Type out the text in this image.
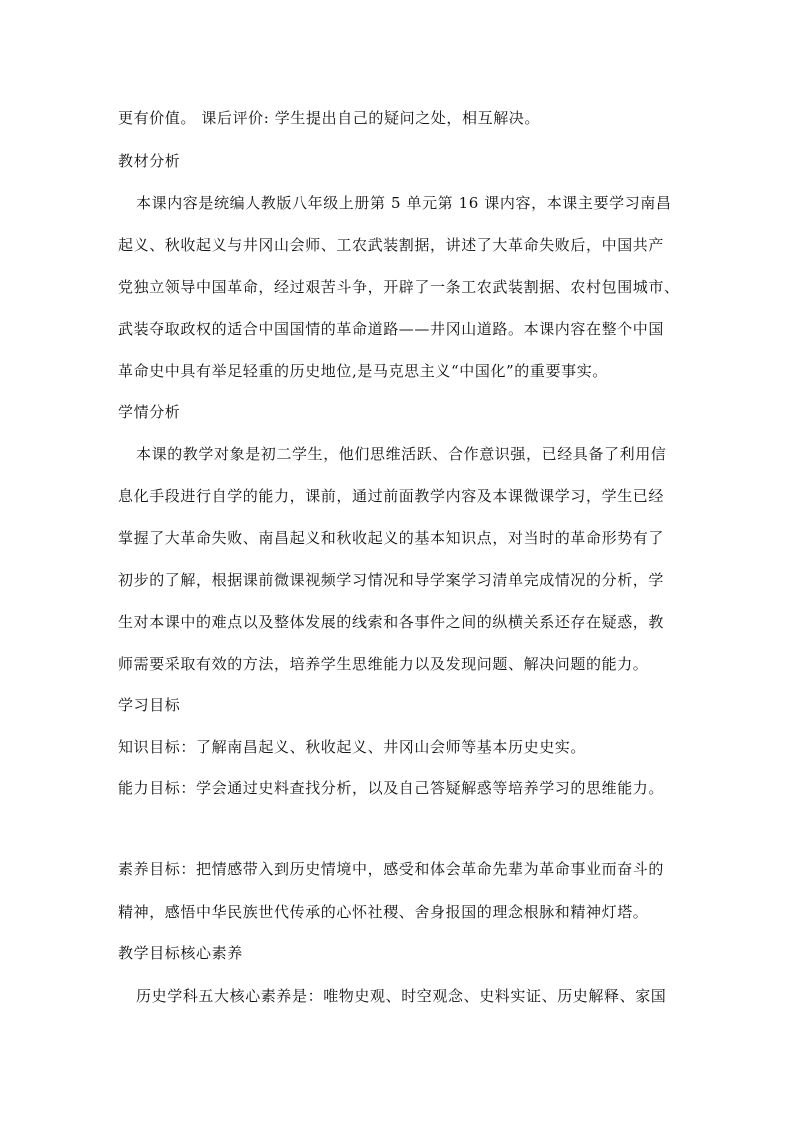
更有价值。 课后评价: 学生提出自己的疑问之处，相互解决。
教材分析
本课内容是统编人教版八年级上册第 5 单元第 16 课内容，本课主要学习南昌
起义、秋收起义与井冈山会师、工农武装割据，讲述了大革命失败后，中国共产
党独立领导中国革命，经过艰苦斗争，开辟了一条工农武装割据、农村包围城市、
武装夺取政权的适合中国国情的革命道路——井冈山道路。本课内容在整个中国
革命史中具有举足轻重的历史地位,是马克思主义“中国化”的重要事实。
学情分析
本课的教学对象是初二学生，他们思维活跃、合作意识强，已经具备了利用信
息化手段进行自学的能力，课前，通过前面教学内容及本课微课学习，学生已经
掌握了大革命失败、南昌起义和秋收起义的基本知识点，对当时的革命形势有了
初步的了解，根据课前微课视频学习情况和导学案学习清单完成情况的分析，学
生对本课中的难点以及整体发展的线索和各事件之间的纵横关系还存在疑惑，教
师需要采取有效的方法，培养学生思维能力以及发现问题、解决问题的能力。
学习目标
知识目标：了解南昌起义、秋收起义、井冈山会师等基本历史史实。
能力目标：学会通过史料查找分析，以及自己答疑解惑等培养学习的思维能力。
素养目标：把情感带入到历史情境中，感受和体会革命先辈为革命事业而奋斗的
精神，感悟中华民族世代传承的心怀社稷、舍身报国的理念根脉和精神灯塔。
教学目标核心素养
历史学科五大核心素养是：唯物史观、时空观念、史料实证、历史解释、家国
